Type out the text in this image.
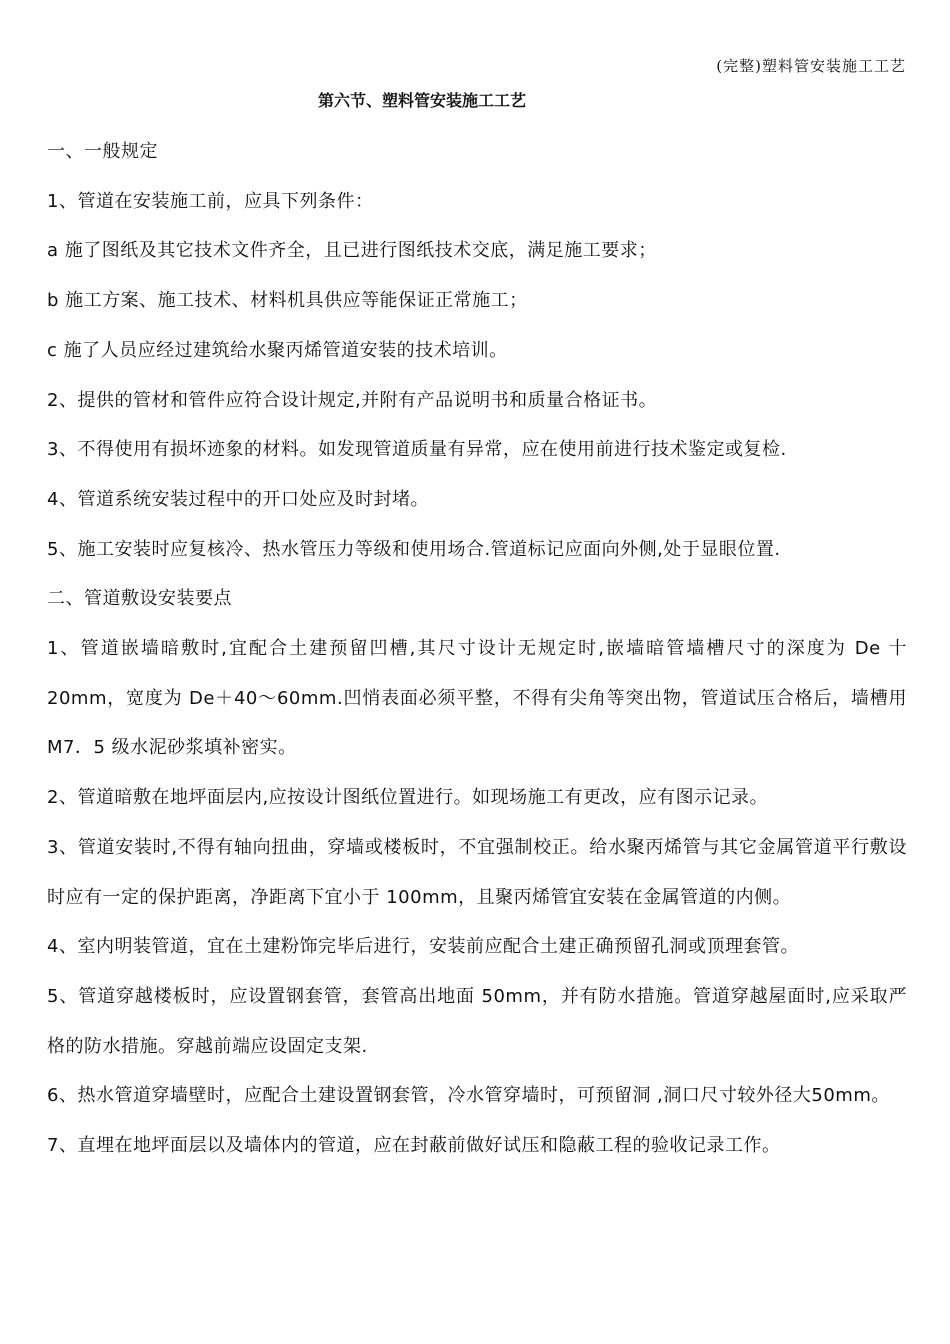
(完整)塑料管安装施工工艺
第六节、塑料管安装施工工艺

一、一般规定

1、管道在安装施工前，应具下列条件：

a 施了图纸及其它技术文件齐全，且已进行图纸技术交底，满足施工要求；

b 施工方案、施工技术、材料机具供应等能保证正常施工；

c 施了人员应经过建筑给水聚丙烯管道安装的技术培训。

2、提供的管材和管件应符合设计规定,并附有产品说明书和质量合格证书。

3、不得使用有损坏迹象的材料。如发现管道质量有异常，应在使用前进行技术鉴定或复检.

4、管道系统安装过程中的开口处应及时封堵。

5、施工安装时应复核冷、热水管压力等级和使用场合.管道标记应面向外侧,处于显眼位置.

二、管道敷设安装要点

1、管道嵌墙暗敷时,宜配合土建预留凹槽,其尺寸设计无规定时,嵌墙暗管墙槽尺寸的深度为 De 十 20mm，宽度为 De＋40～60mm.凹悄表面必须平整，不得有尖角等突出物，管道试压合格后，墙槽用 M7．5 级水泥砂浆填补密实。

2、管道暗敷在地坪面层内,应按设计图纸位置进行。如现场施工有更改，应有图示记录。

3、管道安装时,不得有轴向扭曲，穿墙或楼板时，不宜强制校正。给水聚丙烯管与其它金属管道平行敷设时应有一定的保护距离，净距离下宜小于 100mm，且聚丙烯管宜安装在金属管道的内侧。

4、室内明装管道，宜在土建粉饰完毕后进行，安装前应配合土建正确预留孔洞或顶理套管。

5、管道穿越楼板时，应设置钢套管，套管高出地面 50mm，并有防水措施。管道穿越屋面时,应采取严格的防水措施。穿越前端应设固定支架.

6、热水管道穿墙壁时，应配合土建设置钢套管，冷水管穿墙时，可预留洞 ,洞口尺寸较外径大50mm。

7、直埋在地坪面层以及墙体内的管道，应在封蔽前做好试压和隐蔽工程的验收记录工作。
